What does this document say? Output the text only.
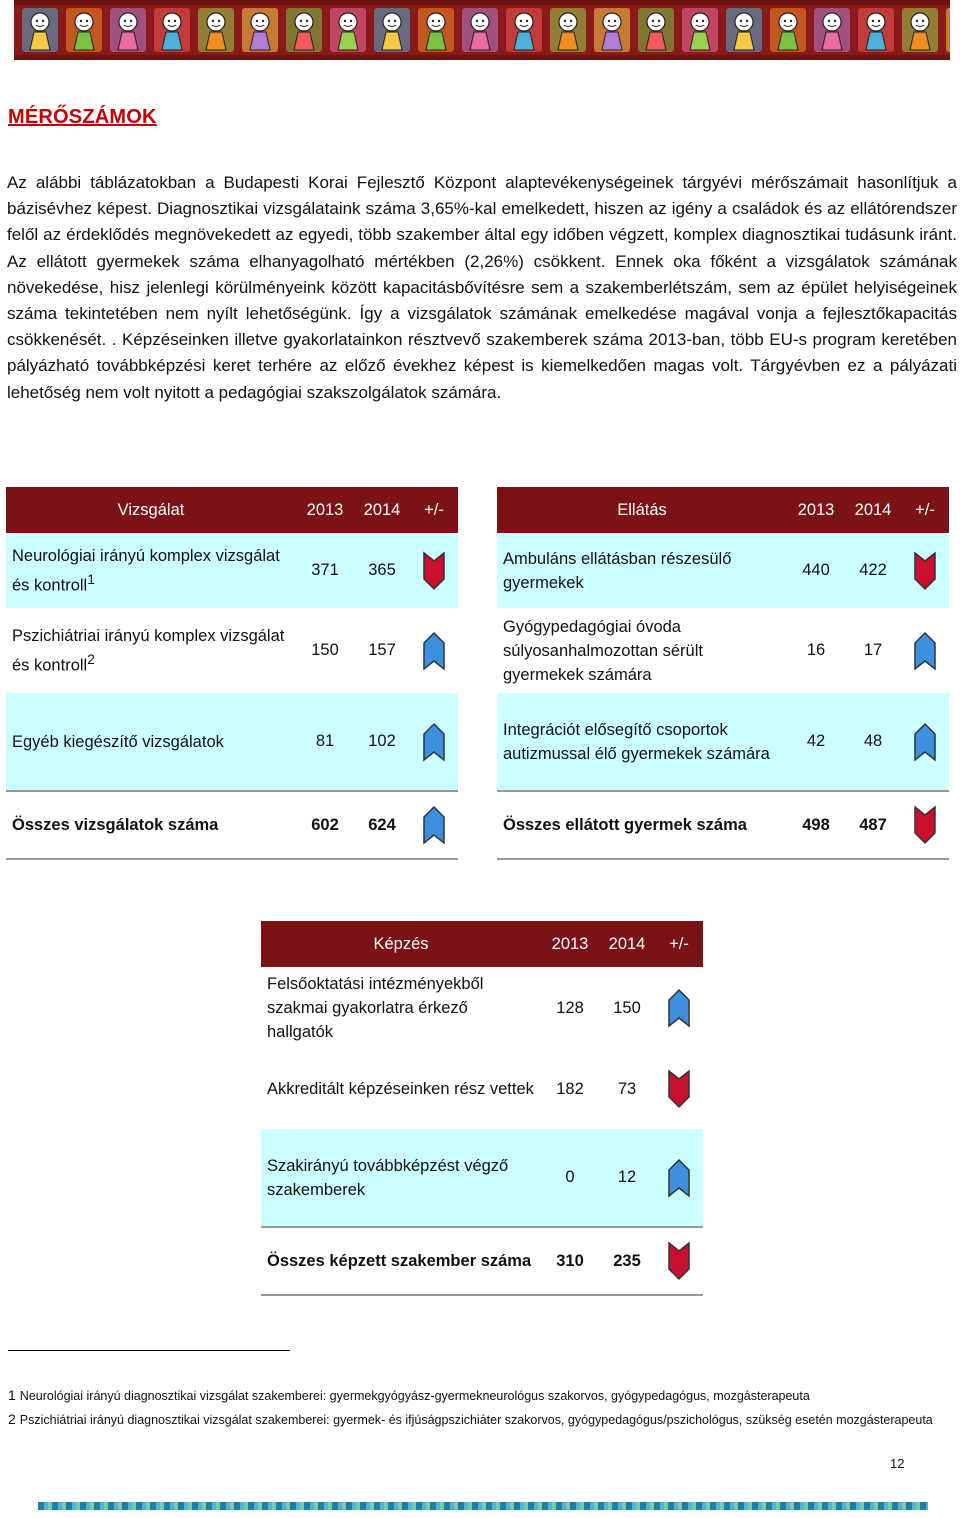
MÉRŐSZÁMOK
Az alábbi táblázatokban a Budapesti Korai Fejlesztő Központ alaptevékenységeinek tárgyévi mérőszámait hasonlítjuk a bázisévhez képest. Diagnosztikai vizsgálataink száma 3,65%-kal emelkedett, hiszen az igény a családok és az ellátórendszer felől az érdeklődés megnövekedett az egyedi, több szakember által egy időben végzett, komplex diagnosztikai tudásunk iránt. Az ellátott gyermekek száma elhanyagolható mértékben (2,26%) csökkent. Ennek oka főként a vizsgálatok számának növekedése, hisz jelenlegi körülményeink között kapacitásbővítésre sem a szakemberlétszám, sem az épület helyiségeinek száma tekintetében nem nyílt lehetőségünk. Így a vizsgálatok számának emelkedése magával vonja a fejlesztőkapacitás csökkenését. . Képzéseinken illetve gyakorlatainkon résztvevő szakemberek száma 2013-ban, több EU-s program keretében pályázható továbbképzési keret terhére az előző évekhez képest is kiemelkedően magas volt. Tárgyévben ez a pályázati lehetőség nem volt nyitott a pedagógiai szakszolgálatok számára.
Vizsgálat	2013	2014	+/-
Neurológiai irányú komplex vizsgálat és kontroll$^1$	371	365	
Pszichiátriai irányú komplex vizsgálat és kontroll$^2$	150	157	
Egyéb kiegészítő vizsgálatok	81	102	
Összes vizsgálatok száma	602	624	
Ellátás	2013	2014	+/-
Ambuláns ellátásban részesülő gyermekek	440	422	
Gyógypedagógiai óvoda súlyosanhalmozottan sérült gyermekek számára	16	17	
Integrációt elősegítő csoportok autizmussal élő gyermekek számára	42	48	
Összes ellátott gyermek száma	498	487	
Képzés	2013	2014	+/-
Felsőoktatási intézményekből szakmai gyakorlatra érkező hallgatók	128	150	
Akkreditált képzéseinken rész vettek	182	73	
Szakirányú továbbképzést végző szakemberek	0	12	
Összes képzett szakember száma	310	235	
1 Neurológiai irányú diagnosztikai vizsgálat szakemberei: gyermekgyógyász-gyermekneurológus szakorvos, gyógypedagógus, mozgásterapeuta
2 Pszichiátriai irányú diagnosztikai vizsgálat szakemberei: gyermek- és ifjúságpszichiáter szakorvos, gyógypedagógus/pszichológus, szükség esetén mozgásterapeuta
12
